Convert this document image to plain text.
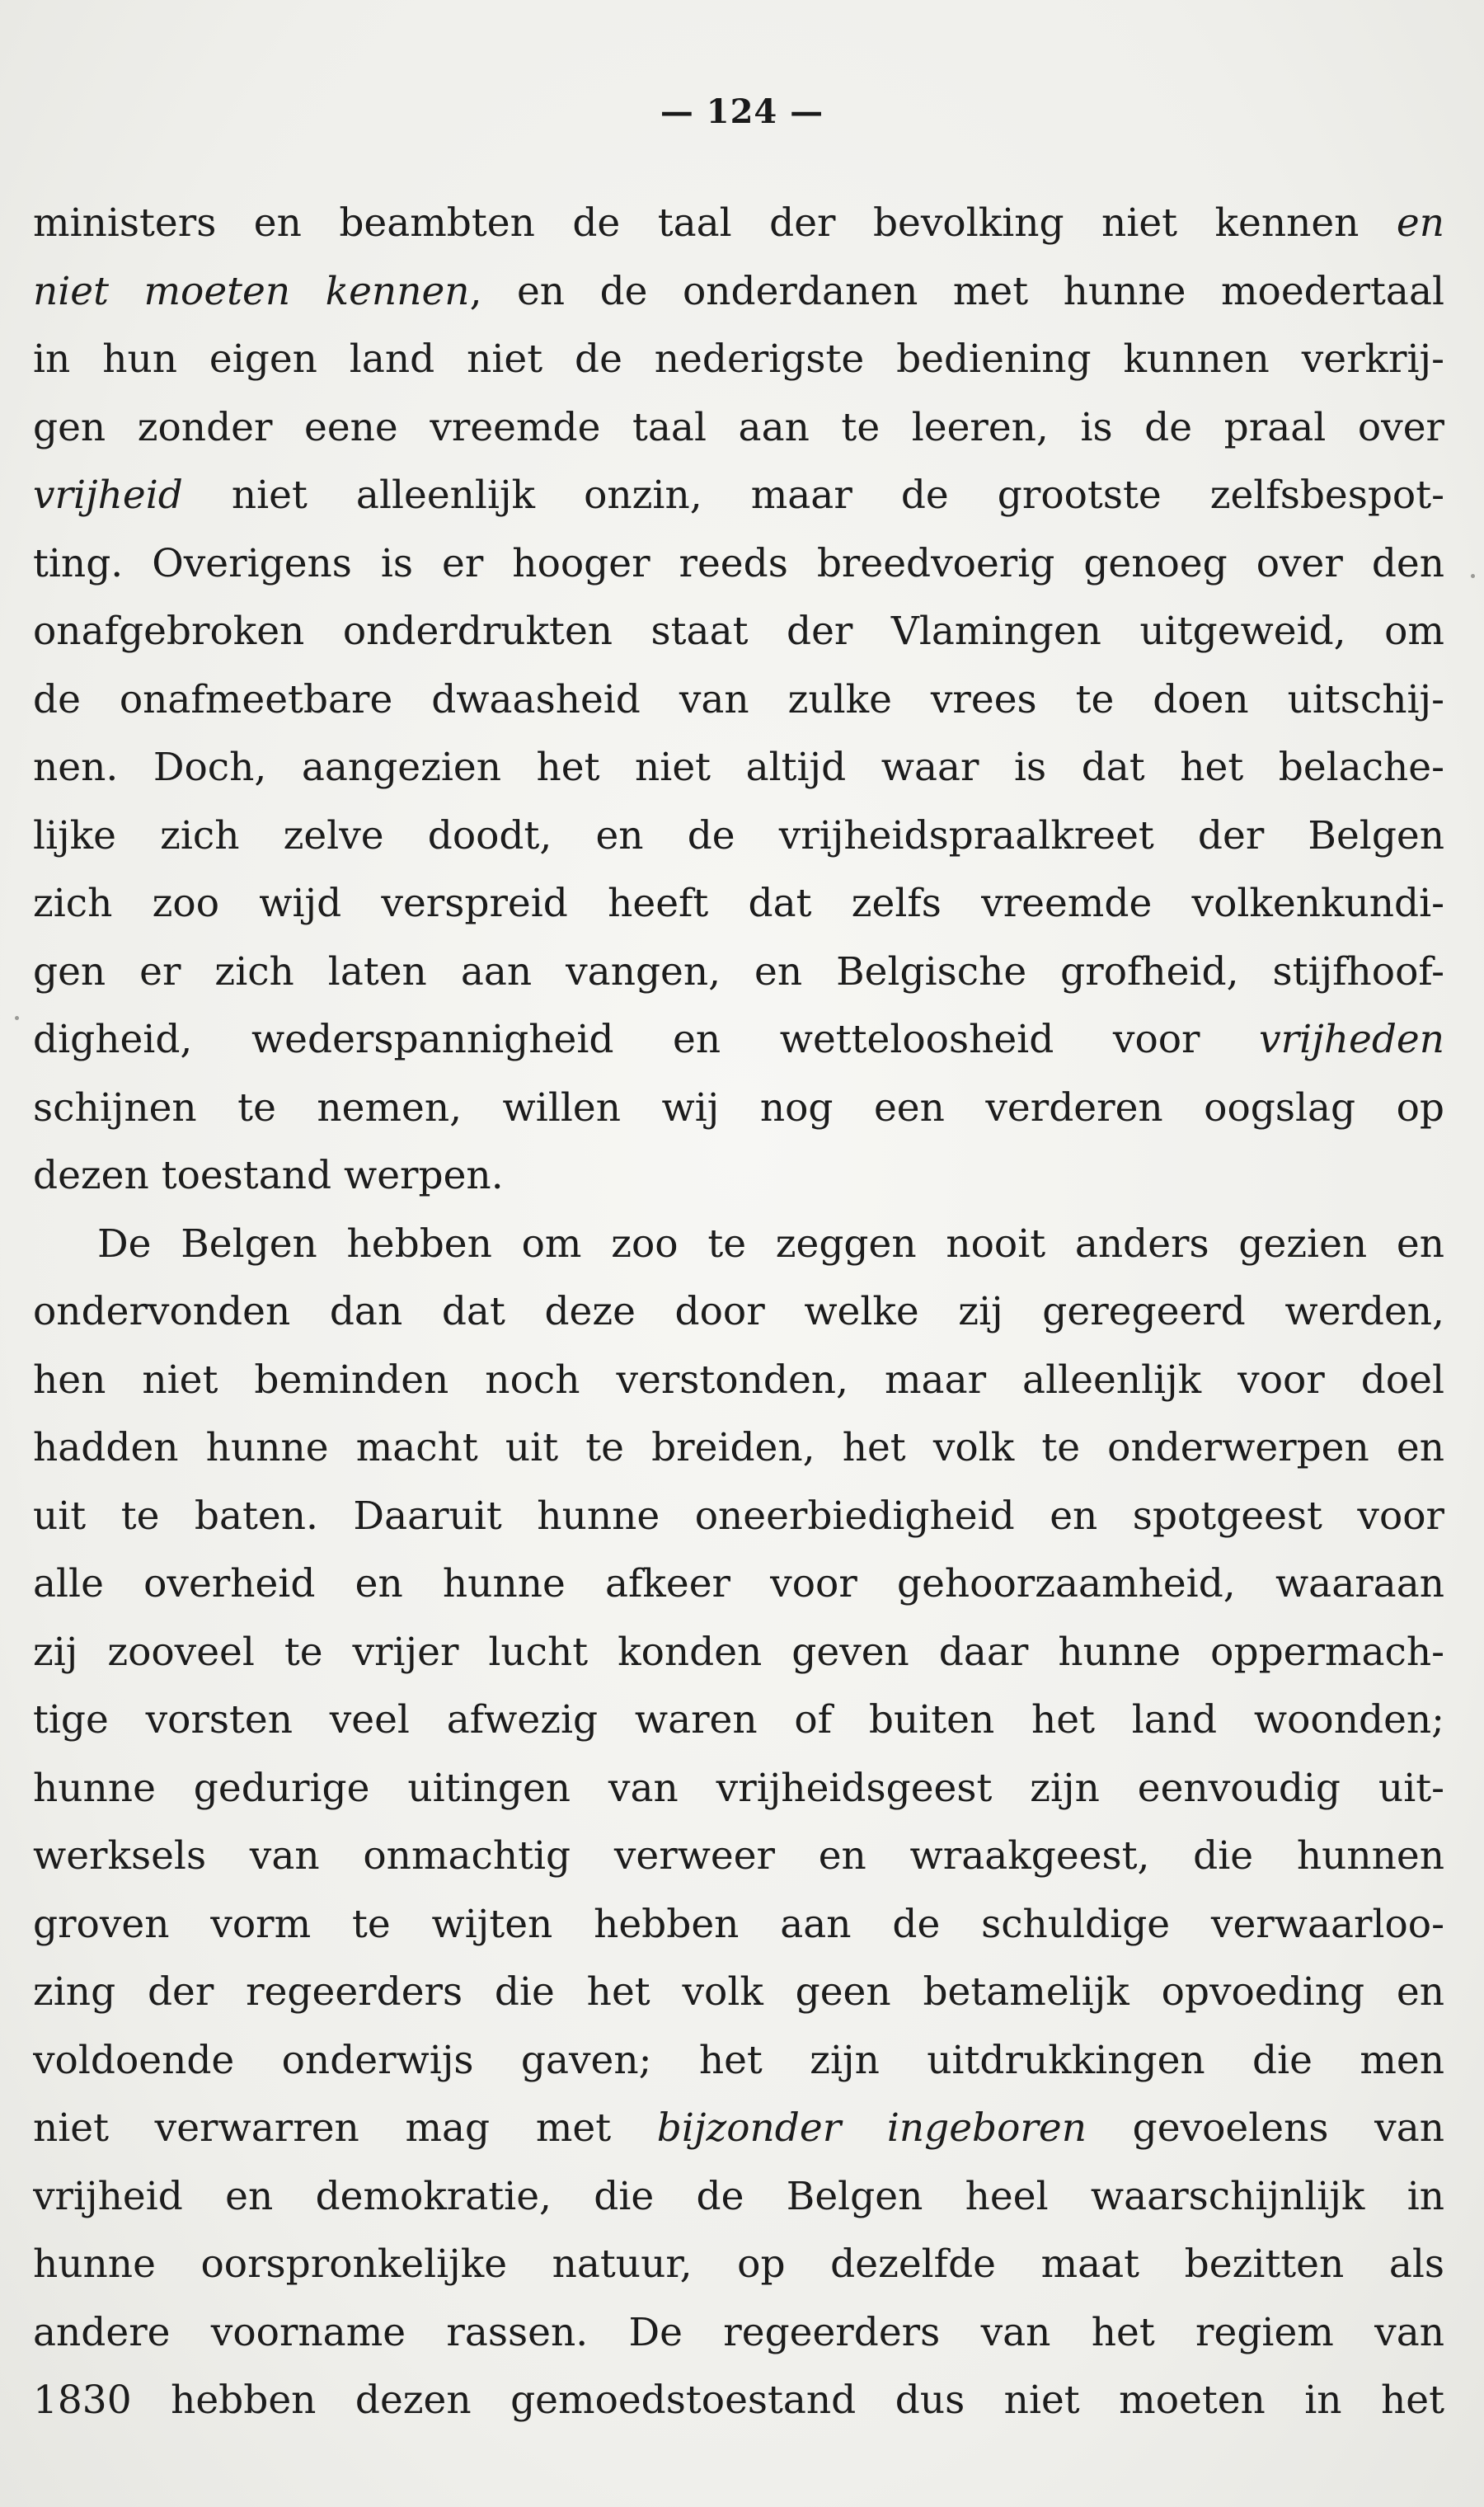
— 124 —
ministers en beambten de taal der bevolking niet kennen en
niet moeten kennen, en de onderdanen met hunne moedertaal
in hun eigen land niet de nederigste bediening kunnen verkrij-
gen zonder eene vreemde taal aan te leeren, is de praal over
vrijheid niet alleenlijk onzin, maar de grootste zelfsbespot-
ting. Overigens is er hooger reeds breedvoerig genoeg over den
onafgebroken onderdrukten staat der Vlamingen uitgeweid, om
de onafmeetbare dwaasheid van zulke vrees te doen uitschij-
nen. Doch, aangezien het niet altijd waar is dat het belache-
lijke zich zelve doodt, en de vrijheidspraalkreet der Belgen
zich zoo wijd verspreid heeft dat zelfs vreemde volkenkundi-
gen er zich laten aan vangen, en Belgische grofheid, stijfhoof-
digheid, wederspannigheid en wetteloosheid voor vrijheden
schijnen te nemen, willen wij nog een verderen oogslag op
dezen toestand werpen.
De Belgen hebben om zoo te zeggen nooit anders gezien en
ondervonden dan dat deze door welke zij geregeerd werden,
hen niet beminden noch verstonden, maar alleenlijk voor doel
hadden hunne macht uit te breiden, het volk te onderwerpen en
uit te baten. Daaruit hunne oneerbiedigheid en spotgeest voor
alle overheid en hunne afkeer voor gehoorzaamheid, waaraan
zij zooveel te vrijer lucht konden geven daar hunne oppermach-
tige vorsten veel afwezig waren of buiten het land woonden;
hunne gedurige uitingen van vrijheidsgeest zijn eenvoudig uit-
werksels van onmachtig verweer en wraakgeest, die hunnen
groven vorm te wijten hebben aan de schuldige verwaarloo-
zing der regeerders die het volk geen betamelijk opvoeding en
voldoende onderwijs gaven; het zijn uitdrukkingen die men
niet verwarren mag met bijzonder ingeboren gevoelens van
vrijheid en demokratie, die de Belgen heel waarschijnlijk in
hunne oorspronkelijke natuur, op dezelfde maat bezitten als
andere voorname rassen. De regeerders van het regiem van
1830 hebben dezen gemoedstoestand dus niet moeten in het
